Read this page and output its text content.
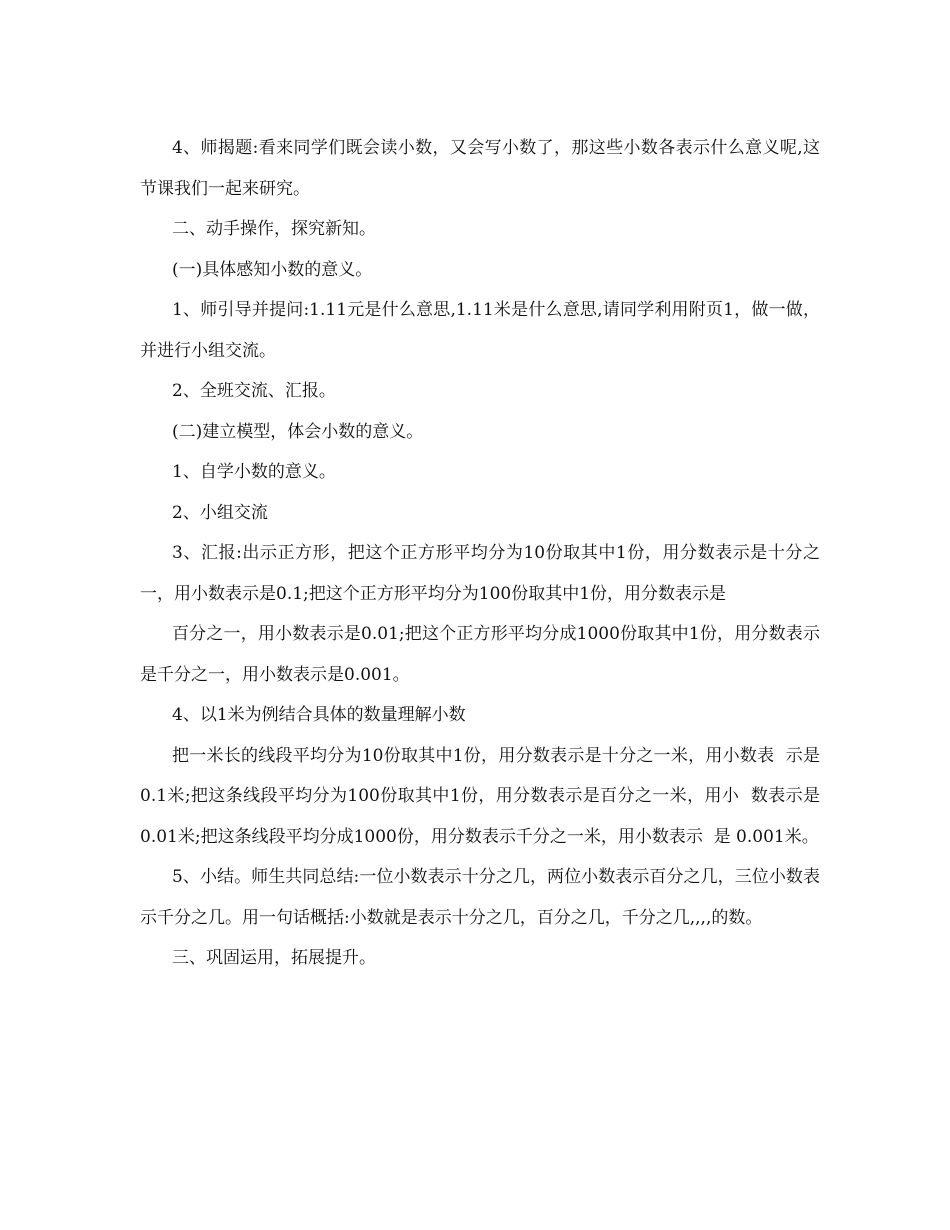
4、师揭题:看来同学们既会读小数，又会写小数了，那这些小数各表示什么意义呢,这节课我们一起来研究。

二、动手操作，探究新知。

(一)具体感知小数的意义。

1、师引导并提问:1.11元是什么意思,1.11米是什么意思,请同学利用附页1，做一做，并进行小组交流。

2、全班交流、汇报。

(二)建立模型，体会小数的意义。

1、自学小数的意义。

2、小组交流

3、汇报:出示正方形，把这个正方形平均分为10份取其中1份，用分数表示是十分之一，用小数表示是0.1;把这个正方形平均分为100份取其中1份，用分数表示是

百分之一，用小数表示是0.01;把这个正方形平均分成1000份取其中1份，用分数表示是千分之一，用小数表示是0.001。

4、以1米为例结合具体的数量理解小数

把一米长的线段平均分为10份取其中1份，用分数表示是十分之一米，用小数表  示是0.1米;把这条线段平均分为100份取其中1份，用分数表示是百分之一米，用小  数表示是0.01米;把这条线段平均分成1000份，用分数表示千分之一米，用小数表示  是 0.001米。

5、小结。师生共同总结:一位小数表示十分之几，两位小数表示百分之几，三位小数表示千分之几。用一句话概括:小数就是表示十分之几，百分之几，千分之几,,,,的数。

三、巩固运用，拓展提升。
